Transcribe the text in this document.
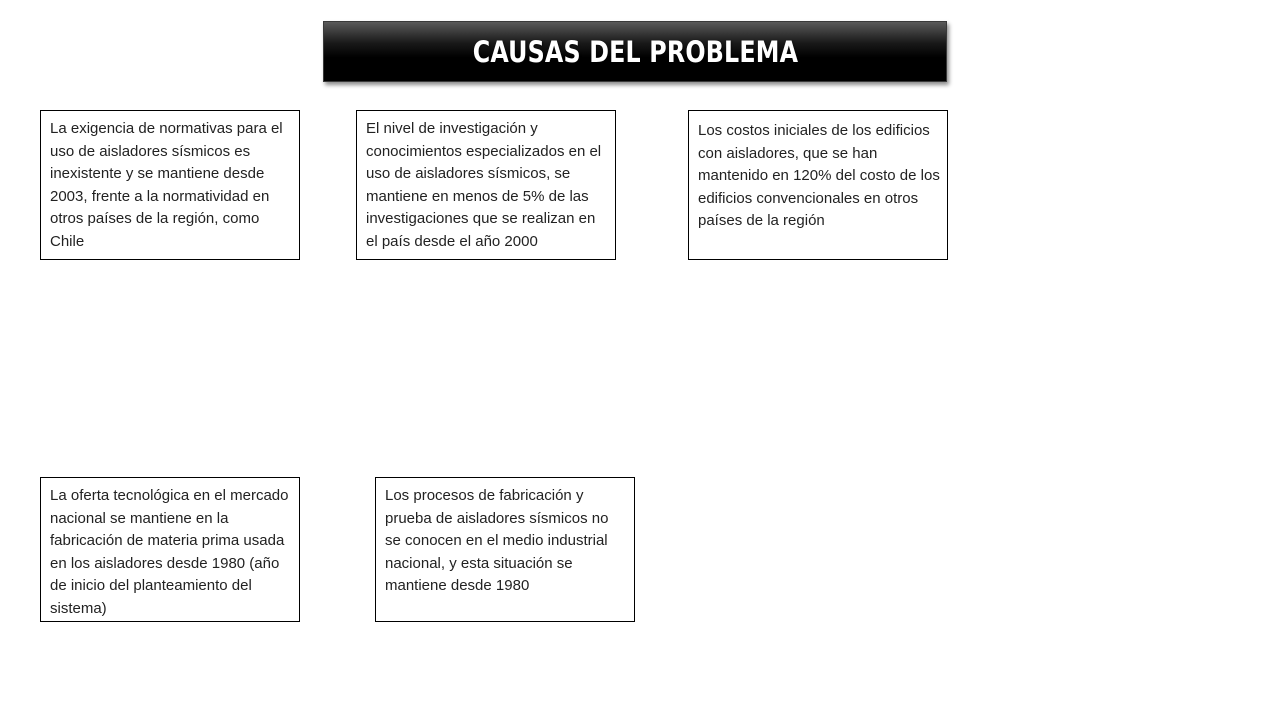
CAUSAS DEL PROBLEMA
La exigencia de normativas para el uso de aisladores sísmicos es inexistente y se mantiene desde 2003, frente a la normatividad en otros países de la región, como Chile
El nivel de investigación y conocimientos especializados en el uso de aisladores sísmicos, se mantiene en menos de 5% de las investigaciones que se realizan en el país desde el año 2000
Los costos iniciales de los edificios con aisladores, que se han mantenido en 120% del costo de los edificios convencionales en otros países de la región
La oferta tecnológica en el mercado nacional se mantiene en la fabricación de materia prima usada en los aisladores desde 1980 (año de inicio del planteamiento del sistema)
Los procesos de fabricación y prueba de aisladores sísmicos no se conocen en el medio industrial nacional, y esta situación se mantiene desde 1980
